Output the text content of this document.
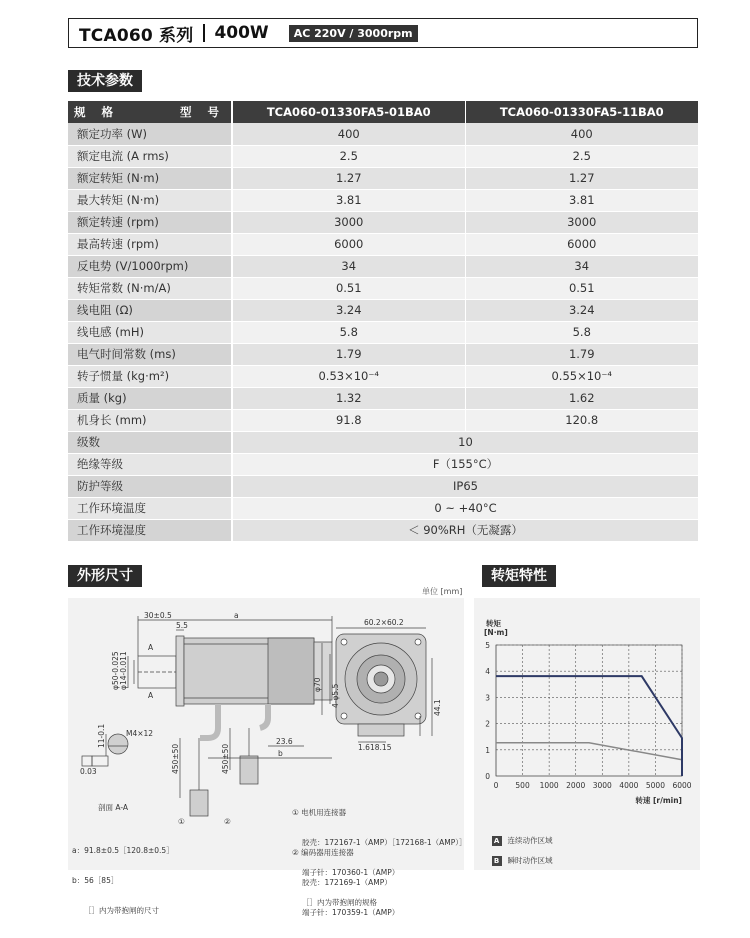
TCA060 系列 400W	AC 220V / 3000rpm
技术参数
规 格 型 号	TCA060-01330FA5-01BA0	TCA060-01330FA5-11BA0
额定功率 (W)	400	400
额定电流 (A rms)	2.5	2.5
额定转矩 (N·m)	1.27	1.27
最大转矩 (N·m)	3.81	3.81
额定转速 (rpm)	3000	3000
最高转速 (rpm)	6000	6000
反电势 (V/1000rpm)	34	34
转矩常数 (N·m/A)	0.51	0.51
线电阻 (Ω)	3.24	3.24
线电感 (mH)	5.8	5.8
电气时间常数 (ms)	1.79	1.79
转子惯量 (kg·m²)	0.53×10⁻⁴	0.55×10⁻⁴
质量 (kg)	1.32	1.62
机身长 (mm)	91.8	120.8
级数	10	
绝缘等级	F（155°C）	
防护等级	IP65	
工作环境温度	0 ~ +40°C	
工作环境湿度	＜ 90%RH（无凝露）	
外形尺寸
单位 [mm]
30±0.5	a
5.5
A
A
60.2×60.2
M4×12
0.03
23.6
b
1.6 18.15
剖面 A-A
①	②
φ50-0.025 φ14-0.011	φ70 4-φ5.5	44.1
11-0.1
450±50	450±50

a：91.8±0.5［120.8±0.5］

b：56［85］

［］内为带抱闸的尺寸

① 电机用连接器

胶壳：172167-1（AMP）［172168-1（AMP）］

端子针：170360-1（AMP）

［］内为带抱闸的规格

② 编码器用连接器

胶壳：172169-1（AMP）

端子针：170359-1（AMP）

转矩特性
转矩
[N·m]
转速 [r/min]
0
1
2
3
4
5
0 500 1000 2000 3000 4000 5000 6000

A 连续动作区域

B 瞬时动作区域
